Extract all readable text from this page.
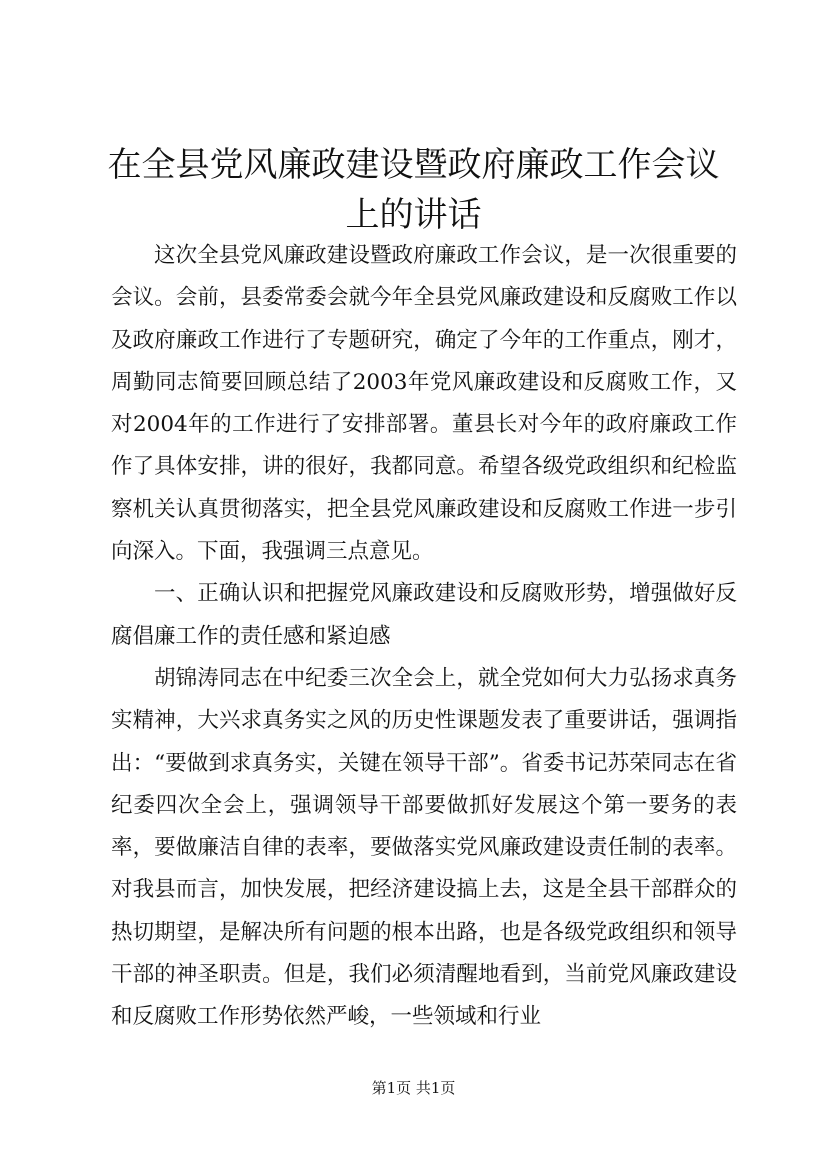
在全县党风廉政建设暨政府廉政工作会议上的讲话

这次全县党风廉政建设暨政府廉政工作会议，是一次很重要的会议。会前，县委常委会就今年全县党风廉政建设和反腐败工作以及政府廉政工作进行了专题研究，确定了今年的工作重点，刚才，周勤同志简要回顾总结了2003年党风廉政建设和反腐败工作，又对2004年的工作进行了安排部署。董县长对今年的政府廉政工作作了具体安排，讲的很好，我都同意。希望各级党政组织和纪检监察机关认真贯彻落实，把全县党风廉政建设和反腐败工作进一步引向深入。下面，我强调三点意见。

一、正确认识和把握党风廉政建设和反腐败形势，增强做好反腐倡廉工作的责任感和紧迫感

胡锦涛同志在中纪委三次全会上，就全党如何大力弘扬求真务实精神，大兴求真务实之风的历史性课题发表了重要讲话，强调指出：“要做到求真务实，关键在领导干部”。省委书记苏荣同志在省纪委四次全会上，强调领导干部要做抓好发展这个第一要务的表率，要做廉洁自律的表率，要做落实党风廉政建设责任制的表率。对我县而言，加快发展，把经济建设搞上去，这是全县干部群众的热切期望，是解决所有问题的根本出路，也是各级党政组织和领导干部的神圣职责。但是，我们必须清醒地看到，当前党风廉政建设和反腐败工作形势依然严峻，一些领域和行业

第1页 共1页
